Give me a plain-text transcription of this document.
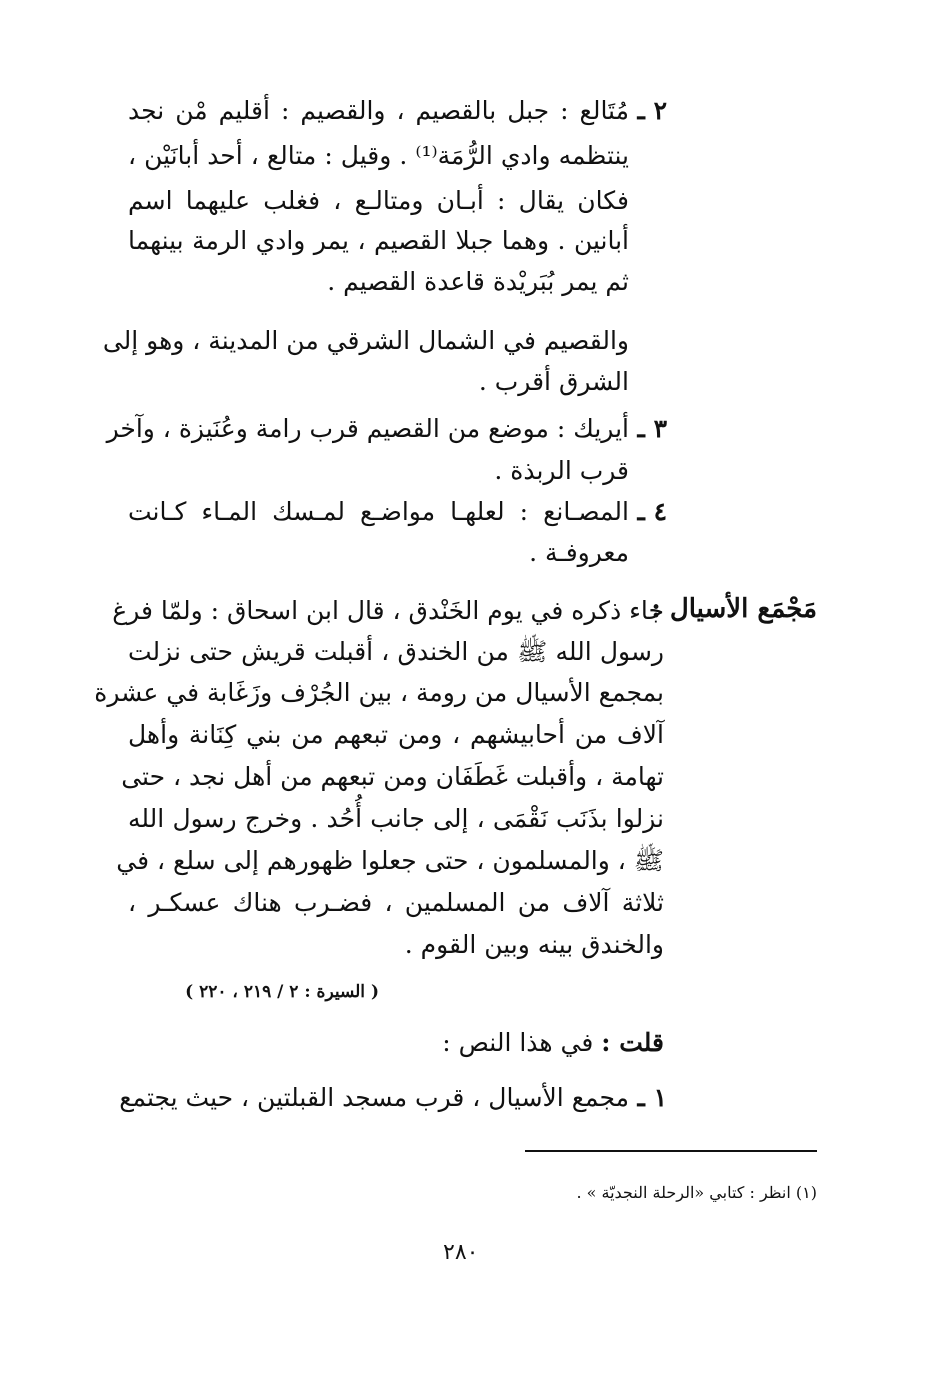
٢ ـ
مُتَالع : جبل بالقصيم ، والقصيم : أقليم مْن نجد
ينتظمه وادي الرُّمَة⁽¹⁾ . وقيل : متالع ، أحد أبانَيْن ،
فكان يقال : أبـان ومتالـع ، فغلب عليهما اسم
أبانين . وهما جبلا القصيم ، يمر وادي الرمة بينهما
ثم يمر بُبَريْدة قاعدة القصيم .
والقصيم في الشمال الشرقي من المدينة ، وهو إلى
الشرق أقرب .
٣ ـ
أيريك : موضع من القصيم قرب رامة وعُنَيزة ، وآخر
قرب الربذة .
٤ ـ
المصـانع : لعلهـا مواضـع لمـسك المـاء كـانت
معروفـة .
مَجْمَع الأسيال :
جاء ذكره في يوم الخَنْدق ، قال ابن اسحاق : ولمّا فرغ
رسول الله ﷺ من الخندق ، أقبلت قريش حتى نزلت
بمجمع الأسيال من رومة ، بين الجُرْف وزَغَابة في عشرة
آلاف من أحابيشهم ، ومن تبعهم من بني كِنَانة وأهل
تهامة ، وأقبلت غَطَفَان ومن تبعهم من أهل نجد ، حتى
نزلوا بذَنَب نَقْمَى ، إلى جانب أُحُد . وخرج رسول الله
ﷺ ، والمسلمون ، حتى جعلوا ظهورهم إلى سلع ، في
ثلاثة آلاف من المسلمين ، فضـرب هناك عسكـر ،
والخندق بينه وبين القوم .
( السيرة : ٢ / ٢١٩ ، ٢٢٠ )
قلت : في هذا النص :
١ ـ
مجمع الأسيال ، قرب مسجد القبلتين ، حيث يجتمع
(١) انظر : كتابي «الرحلة النجديّة » .
٢٨٠
